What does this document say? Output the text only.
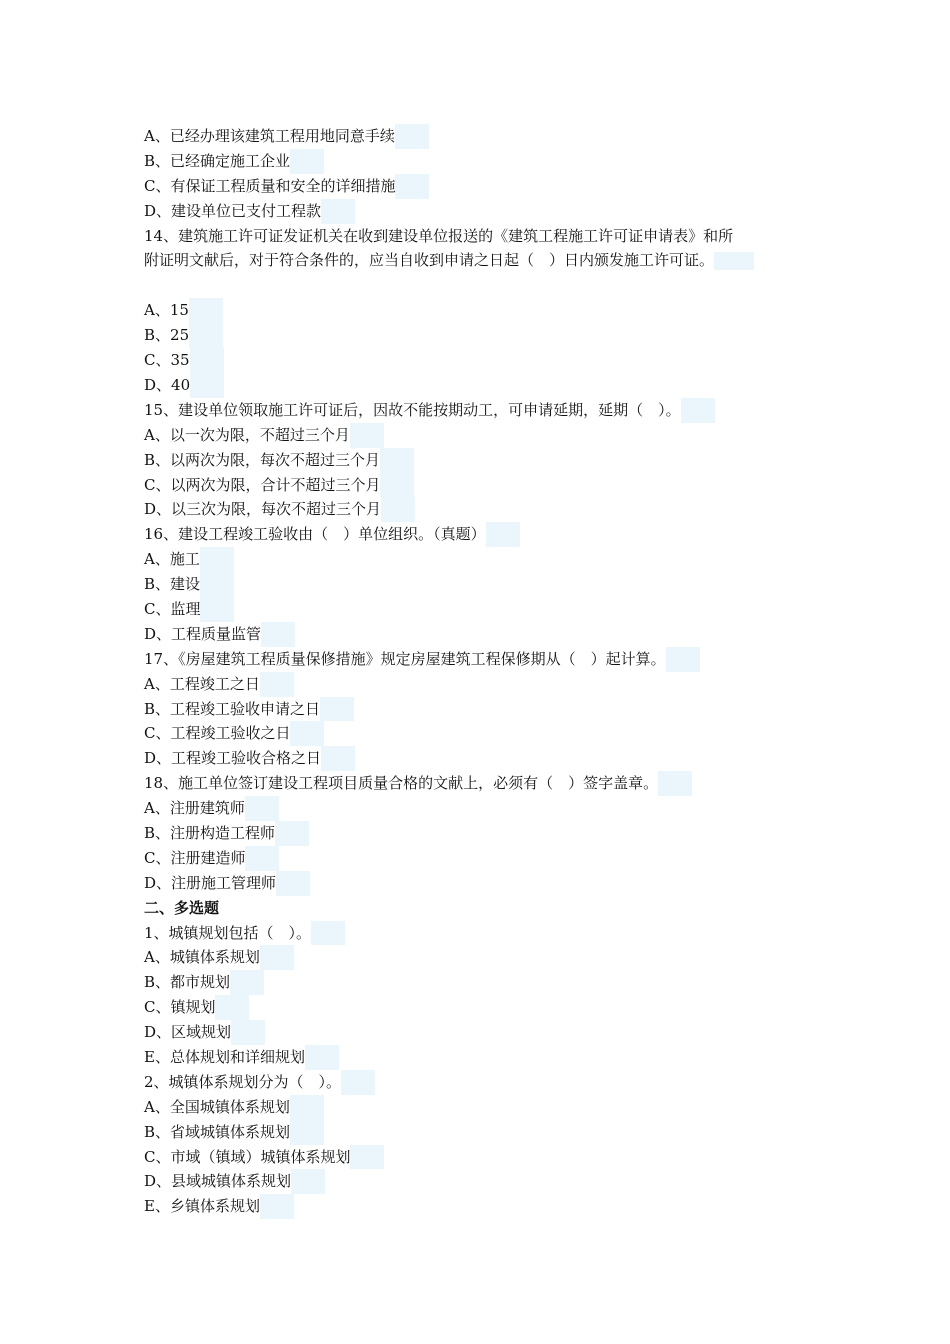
A、已经办理该建筑工程用地同意手续
B、已经确定施工企业
C、有保证工程质量和安全的详细措施
D、建设单位已支付工程款
14、建筑施工许可证发证机关在收到建设单位报送的《建筑工程施工许可证申请表》和所
附证明文献后，对于符合条件的，应当自收到申请之日起（　）日内颁发施工许可证。
A、15
B、25
C、35
D、40
15、建设单位领取施工许可证后，因故不能按期动工，可申请延期，延期（　）。
A、以一次为限，不超过三个月
B、以两次为限，每次不超过三个月
C、以两次为限，合计不超过三个月
D、以三次为限，每次不超过三个月
16、建设工程竣工验收由（　）单位组织。（真题）
A、施工
B、建设
C、监理
D、工程质量监管
17、《房屋建筑工程质量保修措施》规定房屋建筑工程保修期从（　）起计算。
A、工程竣工之日
B、工程竣工验收申请之日
C、工程竣工验收之日
D、工程竣工验收合格之日
18、施工单位签订建设工程项目质量合格的文献上，必须有（　）签字盖章。
A、注册建筑师
B、注册构造工程师
C、注册建造师
D、注册施工管理师
二、多选题
1、城镇规划包括（　）。
A、城镇体系规划
B、都市规划
C、镇规划
D、区域规划
E、总体规划和详细规划
2、城镇体系规划分为（　）。
A、全国城镇体系规划
B、省域城镇体系规划
C、市域（镇域）城镇体系规划
D、县域城镇体系规划
E、乡镇体系规划
